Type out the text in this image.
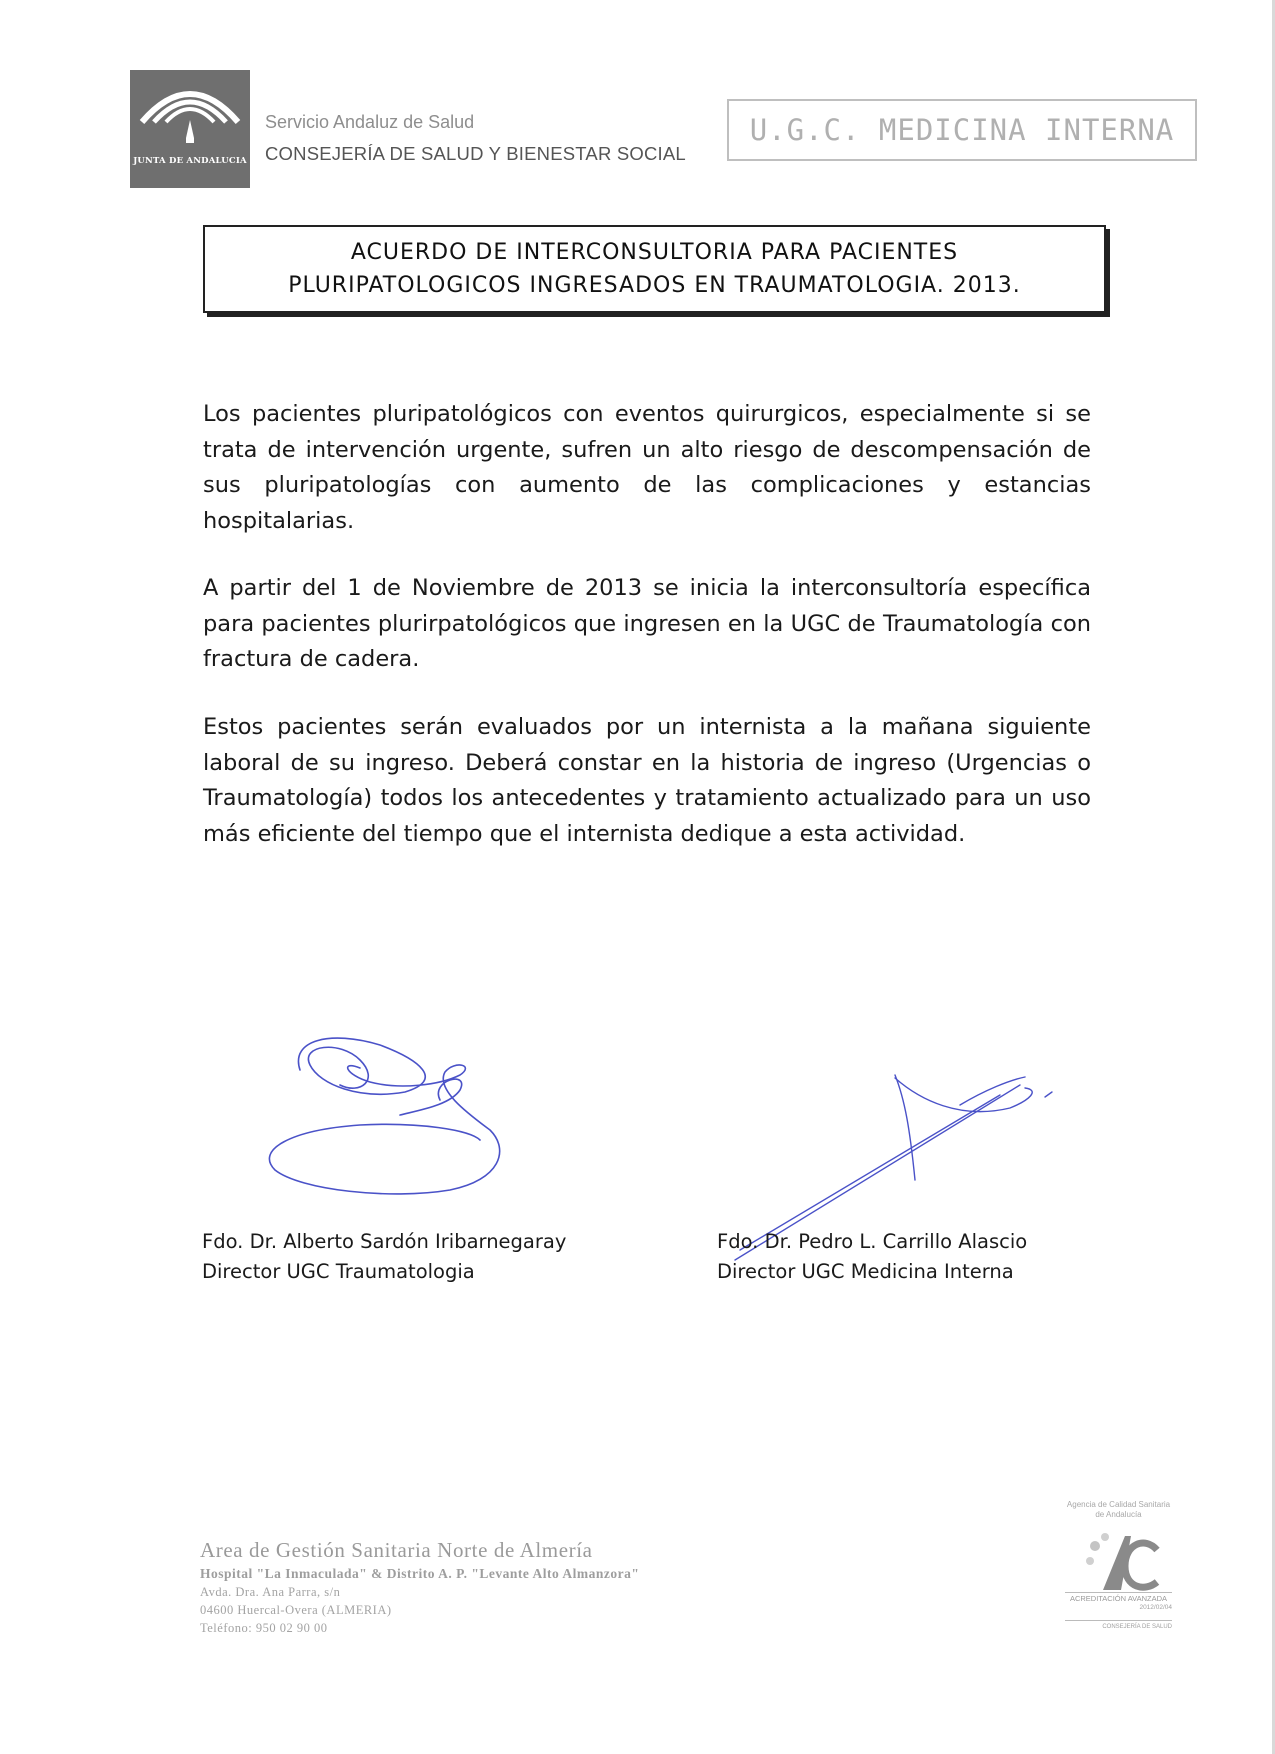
JUNTA DE ANDALUCIA
Servicio Andaluz de Salud
CONSEJERÍA DE SALUD Y BIENESTAR SOCIAL
U.G.C. MEDICINA INTERNA
ACUERDO DE INTERCONSULTORIA PARA PACIENTES
PLURIPATOLOGICOS INGRESADOS EN TRAUMATOLOGIA. 2013.
Los pacientes pluripatológicos con eventos quirurgicos, especialmente si se trata de intervención urgente, sufren un alto riesgo de descompensación de sus pluripatologías con aumento de las complicaciones y estancias hospitalarias.
A partir del 1 de Noviembre de 2013 se inicia la interconsultoría específica para pacientes plurirpatológicos que ingresen en la UGC de Traumatología con fractura de cadera.
Estos pacientes serán evaluados por un internista a la mañana siguiente laboral de su ingreso. Deberá constar en la historia de ingreso (Urgencias o Traumatología) todos los antecedentes y tratamiento actualizado para un uso más eficiente del tiempo que el internista dedique a esta actividad.
Fdo. Dr. Alberto Sardón Iribarnegaray
Director UGC Traumatologia
Fdo. Dr. Pedro L. Carrillo Alascio
Director UGC Medicina Interna
Area de Gestión Sanitaria Norte de Almería
Hospital "La Inmaculada" & Distrito A. P. "Levante Alto Almanzora"
Avda. Dra. Ana Parra, s/n
04600 Huercal-Overa (ALMERIA)
Teléfono: 950 02 90 00
Agencia de Calidad Sanitaria de Andalucía
ACREDITACIÓN AVANZADA
2012/02/04
CONSEJERÍA DE SALUD
